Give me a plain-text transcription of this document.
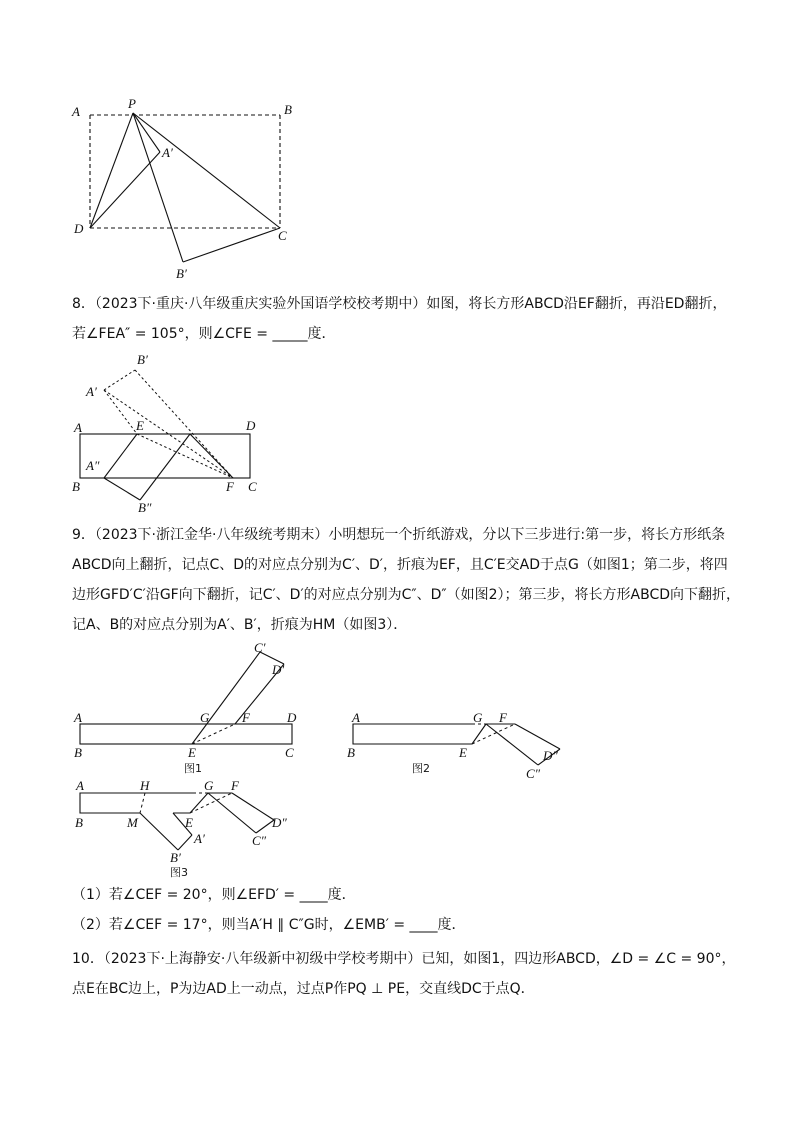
A
P	B
A′
D	C
B′
8．（2023下·重庆·八年级重庆实验外国语学校校考期中）如图，将长方形ABCD沿EF翻折，再沿ED翻折，
若∠FEA″ = 105°，则∠CFE = _____度．
B′
A′
A	E	D
A″
B
B″
F C
9．（2023下·浙江金华·八年级统考期末）小明想玩一个折纸游戏，分以下三步进行:第一步，将长方形纸条
ABCD向上翻折，记点C、D的对应点分别为C′、D′，折痕为EF，且C′E交AD于点G（如图1；第二步，将四
边形GFD′C′沿GF向下翻折，记C′、D′的对应点分别为C″、D″（如图2）；第三步，将长方形ABCD向下翻折，
记A、B的对应点分别为A′、B′，折痕为HM（如图3）．
C′
D′
A	G	F	D
B	E	C
图1
A	G F
B	E	D″
C″
图2
A	H	G F
B	M	E
A′
D″
C″
B′
图3
（1）若∠CEF = 20°，则∠EFD′ = ____度．
（2）若∠CEF = 17°，则当A′H ∥ C″G时，∠EMB′ = ____度．
10．（2023下·上海静安·八年级新中初级中学校考期中）已知，如图1，四边形ABCD，∠D = ∠C = 90°，
点E在BC边上，P为边AD上一动点，过点P作PQ ⊥ PE，交直线DC于点Q．
